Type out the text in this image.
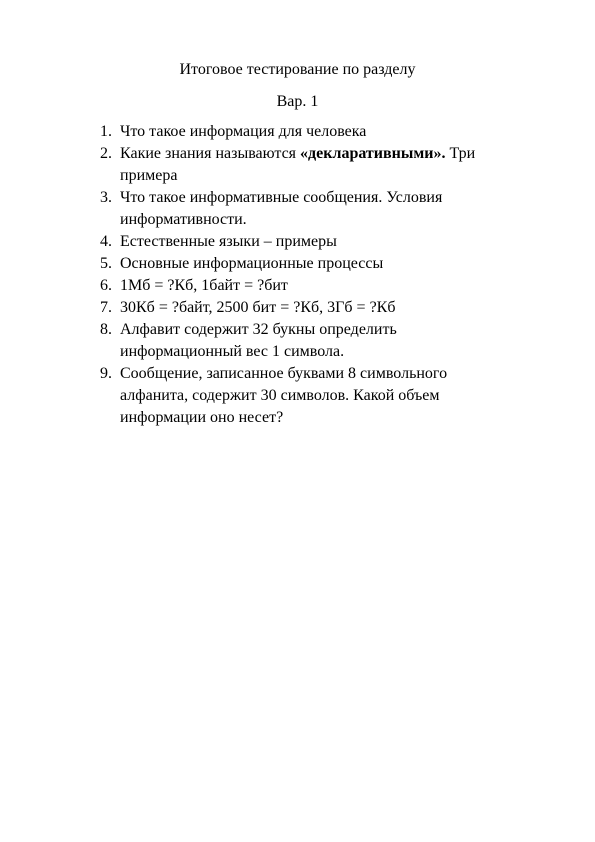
Итоговое тестирование по разделу
Вар. 1
1. Что такое информация для человека
2. Какие знания называются «декларативными». Три примера
3. Что такое информативные сообщения. Условия информативности.
4. Естественные языки – примеры
5. Основные информационные процессы
6. 1Мб = ?Кб, 1байт = ?бит
7. 30Кб = ?байт, 2500 бит = ?Кб, 3Гб = ?Кб
8. Алфавит содержит 32 букны определить информационный вес 1 символа.
9. Сообщение, записанное буквами 8 символьного алфанита, содержит 30 символов. Какой объем информации оно несет?
